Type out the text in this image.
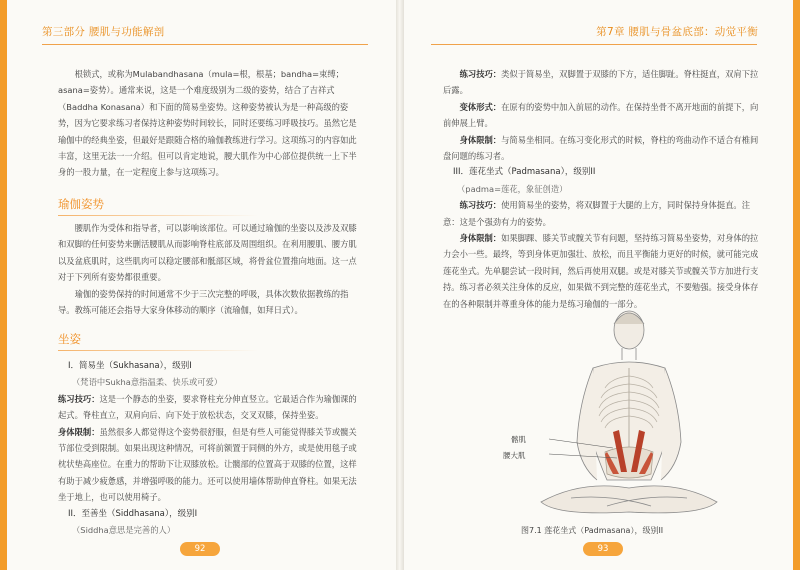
第三部分 腰肌与功能解剖

根锁式，或称为Mulabandhasana（mula=根，根基；bandha=束缚；asana=姿势）。通常来说，这是一个难度级别为二级的姿势，结合了吉祥式（Baddha Konasana）和下面的简易坐姿势。这种姿势被认为是一种高级的姿势，因为它要求练习者保持这种姿势时间较长，同时还要练习呼吸技巧。虽然它是瑜伽中的经典坐姿，但最好是跟随合格的瑜伽教练进行学习。这项练习的内容如此丰富，这里无法一一介绍。但可以肯定地说，腰大肌作为中心部位提供统一上下半身的一股力量，在一定程度上参与这项练习。

瑜伽姿势

腰肌作为受体和指导者，可以影响该部位。可以通过瑜伽的坐姿以及涉及双膝和双脚的任何姿势来删活腰肌从而影响脊柱底部及周围组织。在利用腰肌、腰方肌以及盆底肌时，这些肌肉可以稳定腰部和骶部区域，将骨盆位置推向地面。这一点对于下列所有姿势都很重要。

瑜伽的姿势保持的时间通常不少于三次完整的呼吸，具体次数依据教练的指导。教练可能还会指导大家身体移动的顺序（流瑜伽，如拜日式）。

坐姿
I．简易坐（Sukhasana），级别I
（梵语中Sukha意指温柔、快乐或可爱）

练习技巧：这是一个静态的坐姿，要求脊柱充分伸直竖立。它最适合作为瑜伽课的起式。脊柱直立，双肩向后、向下处于放松状态，交叉双膝，保持坐姿。

身体限制：虽然很多人都觉得这个姿势很舒服，但是有些人可能觉得膝关节或髋关节部位受到限制。如果出现这种情况，可将前额置于同侧的外方，或是使用毯子或枕状垫高座位。在重力的帮助下让双膝放松。让髋部的位置高于双膝的位置，这样有助于减少疲惫感，并增强呼吸的能力。还可以使用墙体帮助伸直脊柱。如果无法坐于地上，也可以使用椅子。

II．至善坐（Siddhasana），级别I
（Siddha意思是完善的人）
92
第7章 腰肌与骨盆底部：动觉平衡

练习技巧：类似于简易坐，双脚置于双膝的下方，适住脚趾。脊柱挺直，双肩下拉后露。

变体形式：在原有的姿势中加入前屈的动作。在保持坐骨不离开地面的前提下，向前伸展上臂。

身体限制：与简易坐相同。在练习变化形式的时候，脊柱的弯曲动作不适合有椎间盘问题的练习者。

III．莲花坐式（Padmasana），级别II
（padma=莲花，象征创造）

练习技巧：使用简易坐的姿势，将双脚置于大腿的上方，同时保持身体挺直。注意：这是个强劲有力的姿势。

身体限制：如果脚踝、膝关节或髋关节有问题，坚持练习简易坐姿势，对身体的拉力会小一些。最终，等到身体更加强壮、放松，而且平衡能力更好的时候，就可能完成莲花坐式。先单腿尝试一段时间，然后再使用双腿。或是对膝关节或髋关节方加进行支持。练习者必须关注身体的反应，如果做不到完整的莲花坐式，不要勉强。接受身体存在的各种限制并尊重身体的能力是练习瑜伽的一部分。

髂肌
腰大肌
图7.1 莲花坐式（Padmasana），级别II
93
